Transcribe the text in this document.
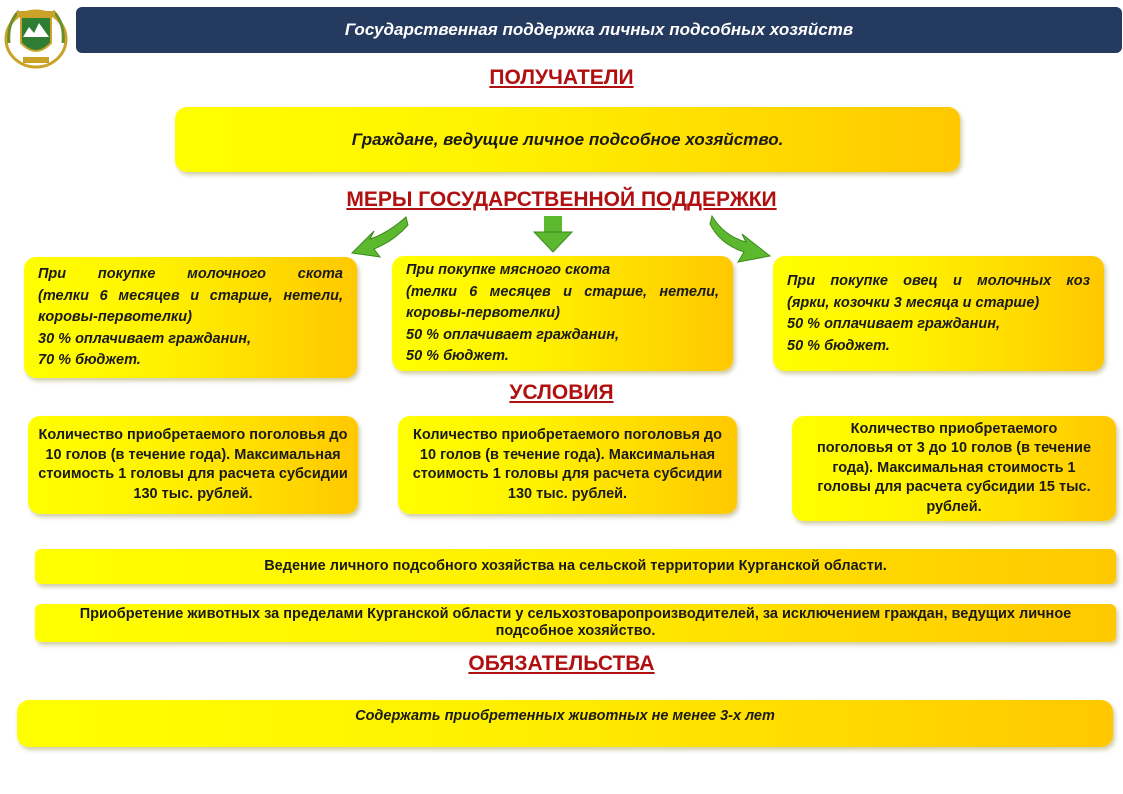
Государственная поддержка личных подсобных хозяйств
ПОЛУЧАТЕЛИ
Граждане, ведущие личное подсобное хозяйство.
МЕРЫ ГОСУДАРСТВЕННОЙ ПОДДЕРЖКИ
При покупке молочного скота
(телки 6 месяцев и старше, нетели,
коровы-первотелки)
30 % оплачивает гражданин,
70 % бюджет.
При покупке мясного скота
(телки 6 месяцев и старше, нетели,
коровы-первотелки)
50 % оплачивает гражданин,
50 % бюджет.
При покупке овец и молочных коз
(ярки, козочки 3 месяца и старше)
50 % оплачивает гражданин,
50 % бюджет.
УСЛОВИЯ
Количество приобретаемого поголовья до 10 голов (в течение года). Максимальная стоимость 1 головы для расчета субсидии 130 тыс. рублей.
Количество приобретаемого поголовья до 10 голов (в течение года). Максимальная стоимость 1 головы для расчета субсидии 130 тыс. рублей.
Количество приобретаемого поголовья от 3 до 10 голов (в течение года). Максимальная стоимость 1 головы для расчета субсидии 15 тыс. рублей.
Ведение личного подсобного хозяйства на сельской территории Курганской области.
Приобретение животных за пределами Курганской области у сельхозтоваропроизводителей, за исключением граждан, ведущих личное подсобное хозяйство.
ОБЯЗАТЕЛЬСТВА
Содержать приобретенных животных не менее 3-х лет
